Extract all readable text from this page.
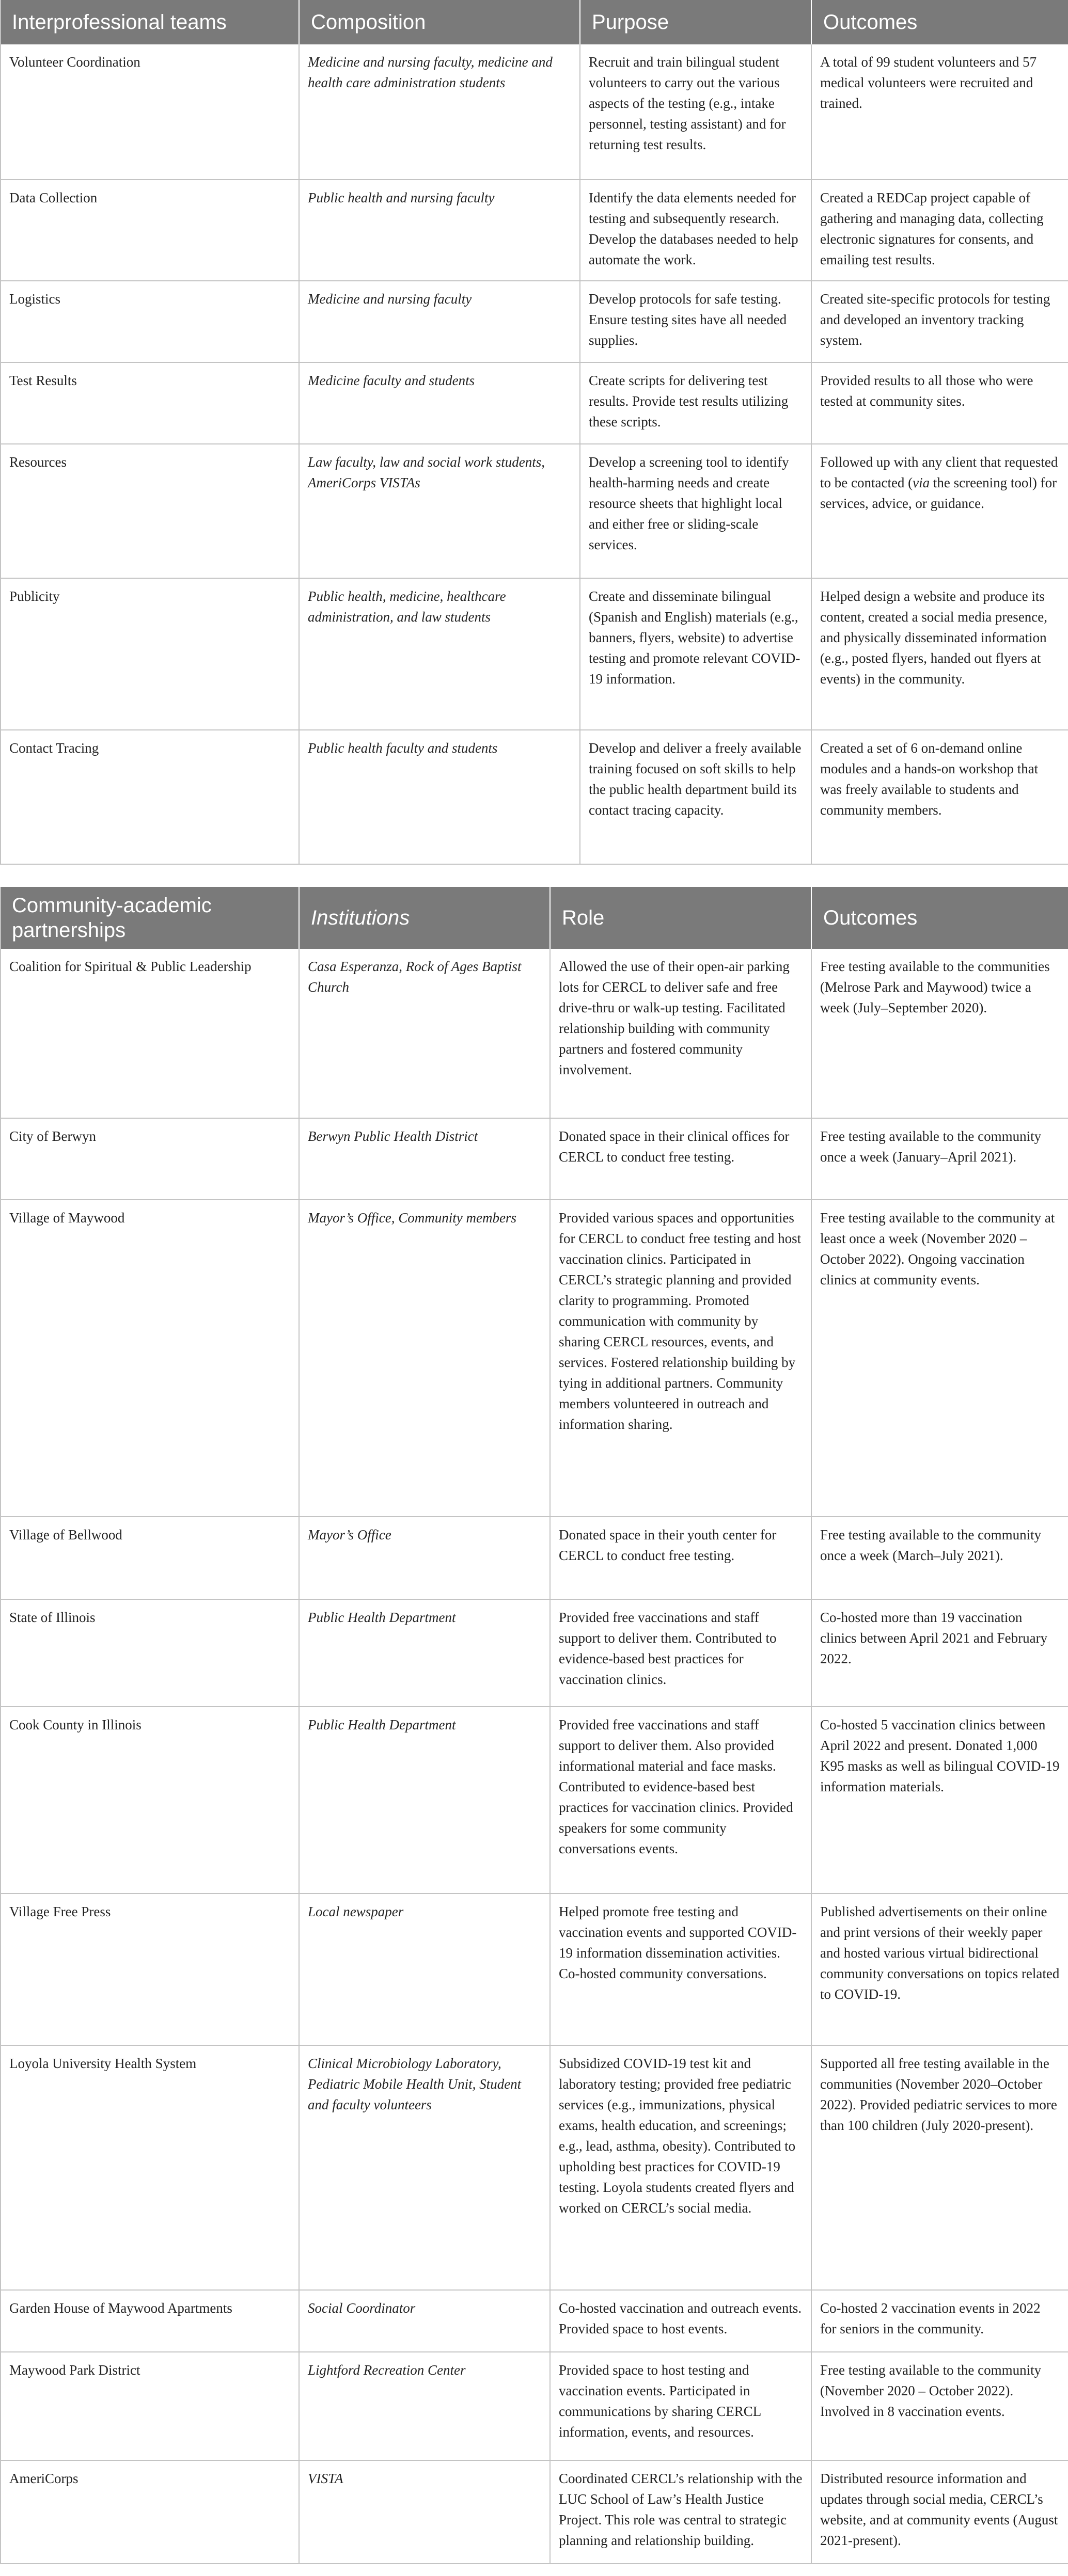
Interprofessional teams	Composition	Purpose	Outcomes
Volunteer Coordination	Medicine and nursing faculty, medicine and health care administration students	Recruit and train bilingual student volunteers to carry out the various aspects of the testing (e.g., intake personnel, testing assistant) and for returning test results.	A total of 99 student volunteers and 57 medical volunteers were recruited and trained.
Data Collection	Public health and nursing faculty	Identify the data elements needed for testing and subsequently research. Develop the databases needed to help automate the work.	Created a REDCap project capable of gathering and managing data, collecting electronic signatures for consents, and emailing test results.
Logistics	Medicine and nursing faculty	Develop protocols for safe testing. Ensure testing sites have all needed supplies.	Created site-specific protocols for testing and developed an inventory tracking system.
Test Results	Medicine faculty and students	Create scripts for delivering test results. Provide test results utilizing these scripts.	Provided results to all those who were tested at community sites.
Resources	Law faculty, law and social work students, AmeriCorps VISTAs	Develop a screening tool to identify health-harming needs and create resource sheets that highlight local and either free or sliding-scale services.	Followed up with any client that requested to be contacted (via the screening tool) for services, advice, or guidance.
Publicity	Public health, medicine, healthcare administration, and law students	Create and disseminate bilingual (Spanish and English) materials (e.g., banners, flyers, website) to advertise testing and promote relevant COVID-19 information.	Helped design a website and produce its content, created a social media presence, and physically disseminated information (e.g., posted flyers, handed out flyers at events) in the community.
Contact Tracing	Public health faculty and students	Develop and deliver a freely available training focused on soft skills to help the public health department build its contact tracing capacity.	Created a set of 6 on-demand online modules and a hands-on workshop that was freely available to students and community members.
Community-academic partnerships	Institutions	Role	Outcomes
Coalition for Spiritual & Public Leadership	Casa Esperanza, Rock of Ages Baptist Church	Allowed the use of their open-air parking lots for CERCL to deliver safe and free drive-thru or walk-up testing. Facilitated relationship building with community partners and fostered community involvement.	Free testing available to the communities (Melrose Park and Maywood) twice a week (July–September 2020).
City of Berwyn	Berwyn Public Health District	Donated space in their clinical offices for CERCL to conduct free testing.	Free testing available to the community once a week (January–April 2021).
Village of Maywood	Mayor’s Office, Community members	Provided various spaces and opportunities for CERCL to conduct free testing and host vaccination clinics. Participated in CERCL’s strategic planning and provided clarity to programming. Promoted communication with community by sharing CERCL resources, events, and services. Fostered relationship building by tying in additional partners. Community members volunteered in outreach and information sharing.	Free testing available to the community at least once a week (November 2020 – October 2022). Ongoing vaccination clinics at community events.
Village of Bellwood	Mayor’s Office	Donated space in their youth center for CERCL to conduct free testing.	Free testing available to the community once a week (March–July 2021).
State of Illinois	Public Health Department	Provided free vaccinations and staff support to deliver them. Contributed to evidence-based best practices for vaccination clinics.	Co-hosted more than 19 vaccination clinics between April 2021 and February 2022.
Cook County in Illinois	Public Health Department	Provided free vaccinations and staff support to deliver them. Also provided informational material and face masks. Contributed to evidence-based best practices for vaccination clinics. Provided speakers for some community conversations events.	Co-hosted 5 vaccination clinics between April 2022 and present. Donated 1,000 K95 masks as well as bilingual COVID-19 information materials.
Village Free Press	Local newspaper	Helped promote free testing and vaccination events and supported COVID-19 information dissemination activities. Co-hosted community conversations.	Published advertisements on their online and print versions of their weekly paper and hosted various virtual bidirectional community conversations on topics related to COVID-19.
Loyola University Health System	Clinical Microbiology Laboratory, Pediatric Mobile Health Unit, Student and faculty volunteers	Subsidized COVID-19 test kit and laboratory testing; provided free pediatric services (e.g., immunizations, physical exams, health education, and screenings; e.g., lead, asthma, obesity). Contributed to upholding best practices for COVID-19 testing. Loyola students created flyers and worked on CERCL’s social media.	Supported all free testing available in the communities (November 2020–October 2022). Provided pediatric services to more than 100 children (July 2020-present).
Garden House of Maywood Apartments	Social Coordinator	Co-hosted vaccination and outreach events. Provided space to host events.	Co-hosted 2 vaccination events in 2022 for seniors in the community.
Maywood Park District	Lightford Recreation Center	Provided space to host testing and vaccination events. Participated in communications by sharing CERCL information, events, and resources.	Free testing available to the community (November 2020 – October 2022). Involved in 8 vaccination events.
AmeriCorps	VISTA	Coordinated CERCL’s relationship with the LUC School of Law’s Health Justice Project. This role was central to strategic planning and relationship building.	Distributed resource information and updates through social media, CERCL’s website, and at community events (August 2021-present).
